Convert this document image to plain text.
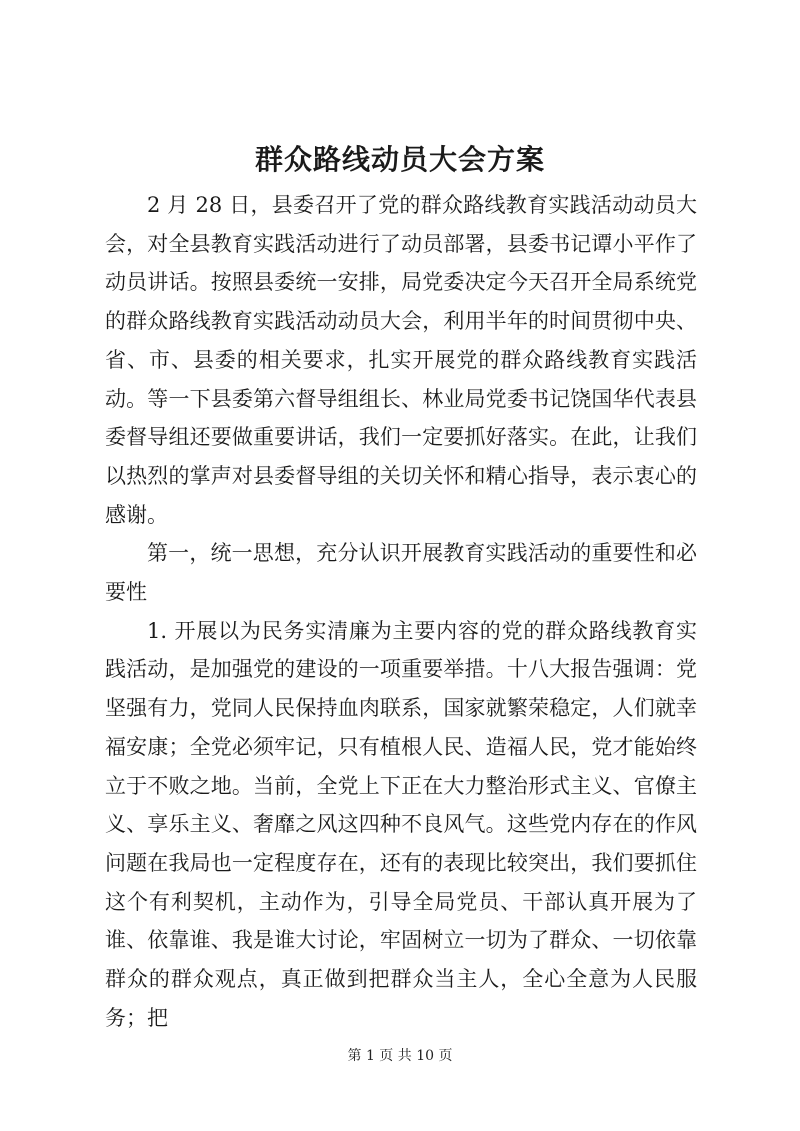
群众路线动员大会方案

2 月 28 日，县委召开了党的群众路线教育实践活动动员大会，对全县教育实践活动进行了动员部署，县委书记谭小平作了动员讲话。按照县委统一安排，局党委决定今天召开全局系统党的群众路线教育实践活动动员大会，利用半年的时间贯彻中央、省、市、县委的相关要求，扎实开展党的群众路线教育实践活动。等一下县委第六督导组组长、林业局党委书记饶国华代表县委督导组还要做重要讲话，我们一定要抓好落实。在此，让我们以热烈的掌声对县委督导组的关切关怀和精心指导，表示衷心的感谢。

第一，统一思想，充分认识开展教育实践活动的重要性和必要性

1. 开展以为民务实清廉为主要内容的党的群众路线教育实践活动，是加强党的建设的一项重要举措。十八大报告强调：党坚强有力，党同人民保持血肉联系，国家就繁荣稳定，人们就幸福安康；全党必须牢记，只有植根人民、造福人民，党才能始终立于不败之地。当前，全党上下正在大力整治形式主义、官僚主义、享乐主义、奢靡之风这四种不良风气。这些党内存在的作风问题在我局也一定程度存在，还有的表现比较突出，我们要抓住这个有利契机，主动作为，引导全局党员、干部认真开展为了谁、依靠谁、我是谁大讨论，牢固树立一切为了群众、一切依靠群众的群众观点，真正做到把群众当主人，全心全意为人民服务；把

第 1 页 共 10 页
